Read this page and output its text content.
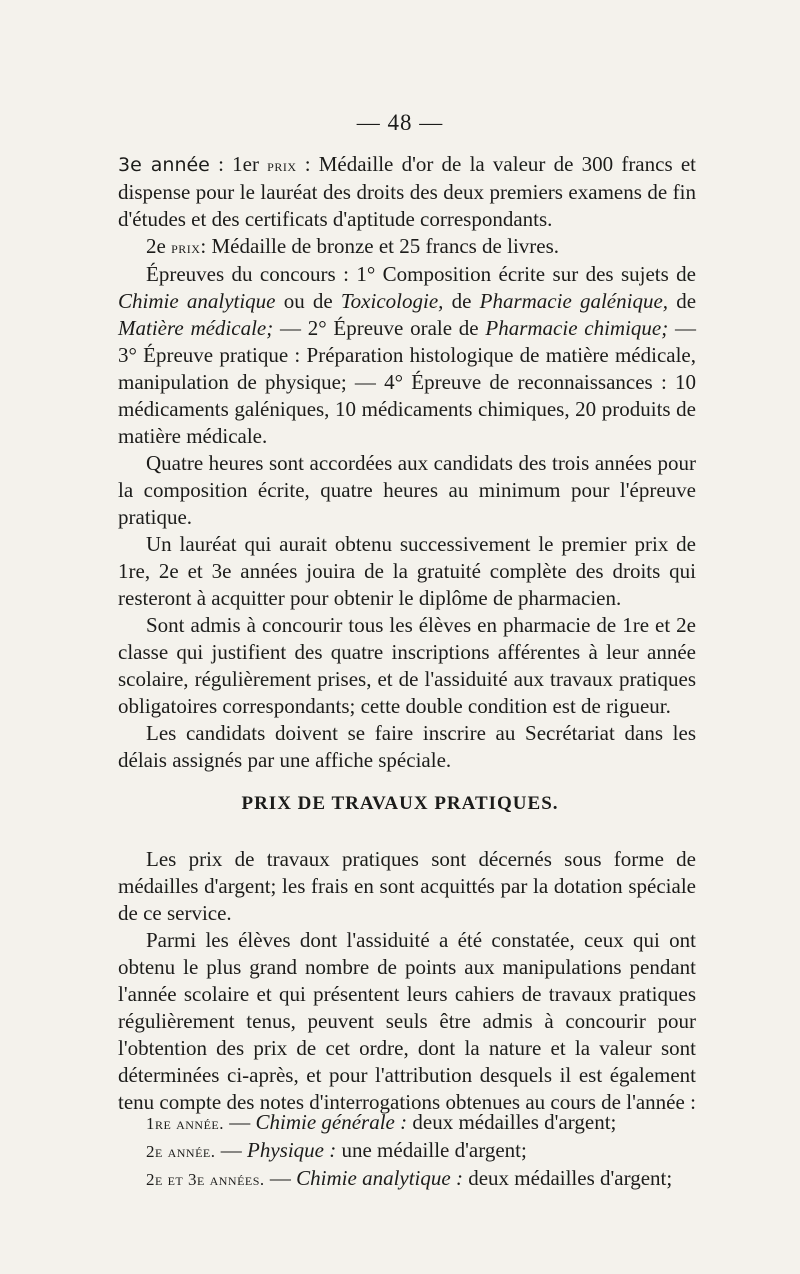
— 48 —

3e année : 1er prix : Médaille d'or de la valeur de 300 francs et dispense pour le lauréat des droits des deux premiers examens de fin d'études et des certificats d'aptitude correspondants.

2e prix: Médaille de bronze et 25 francs de livres.

Épreuves du concours : 1° Composition écrite sur des sujets de Chimie analytique ou de Toxicologie, de Pharmacie galénique, de Matière médicale; — 2° Épreuve orale de Pharmacie chimique; — 3° Épreuve pratique : Préparation histologique de matière médicale, manipulation de physique; — 4° Épreuve de reconnaissances : 10 médicaments galéniques, 10 médicaments chimiques, 20 produits de matière médicale.

Quatre heures sont accordées aux candidats des trois années pour la composition écrite, quatre heures au minimum pour l'épreuve pratique.

Un lauréat qui aurait obtenu successivement le premier prix de 1re, 2e et 3e années jouira de la gratuité complète des droits qui resteront à acquitter pour obtenir le diplôme de pharmacien.

Sont admis à concourir tous les élèves en pharmacie de 1re et 2e classe qui justifient des quatre inscriptions afférentes à leur année scolaire, régulièrement prises, et de l'assiduité aux travaux pratiques obligatoires correspondants; cette double condition est de rigueur.

Les candidats doivent se faire inscrire au Secrétariat dans les délais assignés par une affiche spéciale.

PRIX DE TRAVAUX PRATIQUES.

Les prix de travaux pratiques sont décernés sous forme de médailles d'argent; les frais en sont acquittés par la dotation spéciale de ce service.

Parmi les élèves dont l'assiduité a été constatée, ceux qui ont obtenu le plus grand nombre de points aux manipulations pendant l'année scolaire et qui présentent leurs cahiers de travaux pratiques régulièrement tenus, peuvent seuls être admis à concourir pour l'obtention des prix de cet ordre, dont la nature et la valeur sont déterminées ci-après, et pour l'attribution desquels il est également tenu compte des notes d'interrogations obtenues au cours de l'année :

1re année. — Chimie générale : deux médailles d'argent;

2e année. — Physique : une médaille d'argent;

2e et 3e années. — Chimie analytique : deux médailles d'argent;
